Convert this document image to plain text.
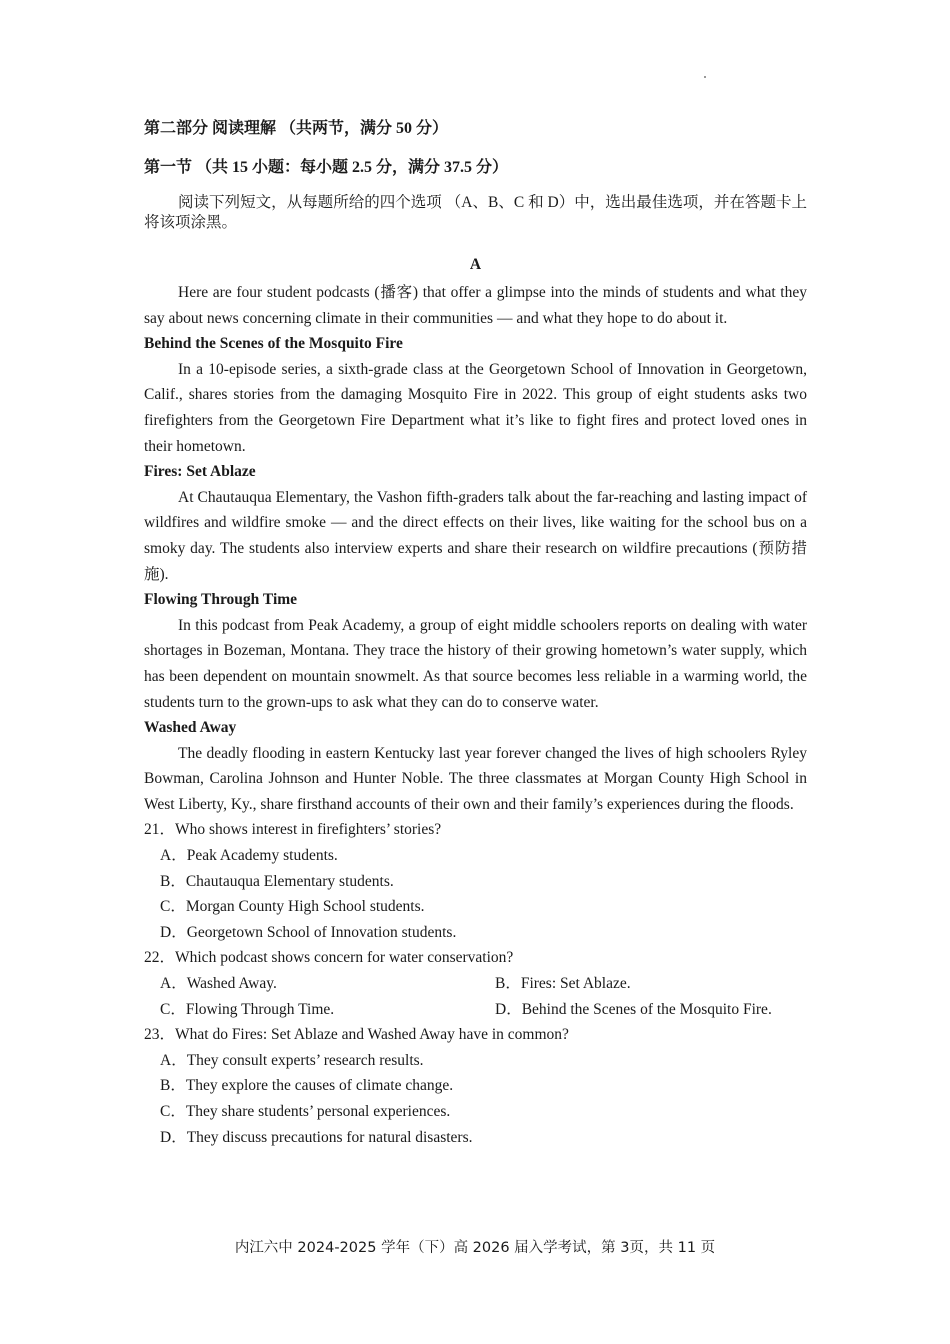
第二部分 阅读理解 （共两节，满分 50 分）
第一节 （共 15 小题：每小题 2.5 分，满分 37.5 分）
阅读下列短文，从每题所给的四个选项 （A、B、C 和 D）中，选出最佳选项，并在答题卡上将该项涂黑。
A

Here are four student podcasts (播客) that offer a glimpse into the minds of students and what they say about news concerning climate in their communities — and what they hope to do about it.

Behind the Scenes of the Mosquito Fire

In a 10-episode series, a sixth-grade class at the Georgetown School of Innovation in Georgetown, Calif., shares stories from the damaging Mosquito Fire in 2022. This group of eight students asks two firefighters from the Georgetown Fire Department what it’s like to fight fires and protect loved ones in their hometown.

Fires: Set Ablaze

At Chautauqua Elementary, the Vashon fifth-graders talk about the far-reaching and lasting impact of wildfires and wildfire smoke — and the direct effects on their lives, like waiting for the school bus on a smoky day. The students also interview experts and share their research on wildfire precautions (预防措施).

Flowing Through Time

In this podcast from Peak Academy, a group of eight middle schoolers reports on dealing with water shortages in Bozeman, Montana. They trace the history of their growing hometown’s water supply, which has been dependent on mountain snowmelt. As that source becomes less reliable in a warming world, the students turn to the grown-ups to ask what they can do to conserve water.

Washed Away

The deadly flooding in eastern Kentucky last year forever changed the lives of high schoolers Ryley Bowman, Carolina Johnson and Hunter Noble. The three classmates at Morgan County High School in West Liberty, Ky., share firsthand accounts of their own and their family’s experiences during the floods.

21．Who shows interest in firefighters’ stories?

A．Peak Academy students.

B．Chautauqua Elementary students.

C．Morgan County High School students.

D．Georgetown School of Innovation students.

22．Which podcast shows concern for water conservation?

A．Washed Away.	B．Fires: Set Ablaze.
C．Flowing Through Time.	D．Behind the Scenes of the Mosquito Fire.

23．What do Fires: Set Ablaze and Washed Away have in common?

A．They consult experts’ research results.

B．They explore the causes of climate change.

C．They share students’ personal experiences.

D．They discuss precautions for natural disasters.

内江六中 2024-2025 学年（下）高 2026 届入学考试，第 3页，共 11 页
